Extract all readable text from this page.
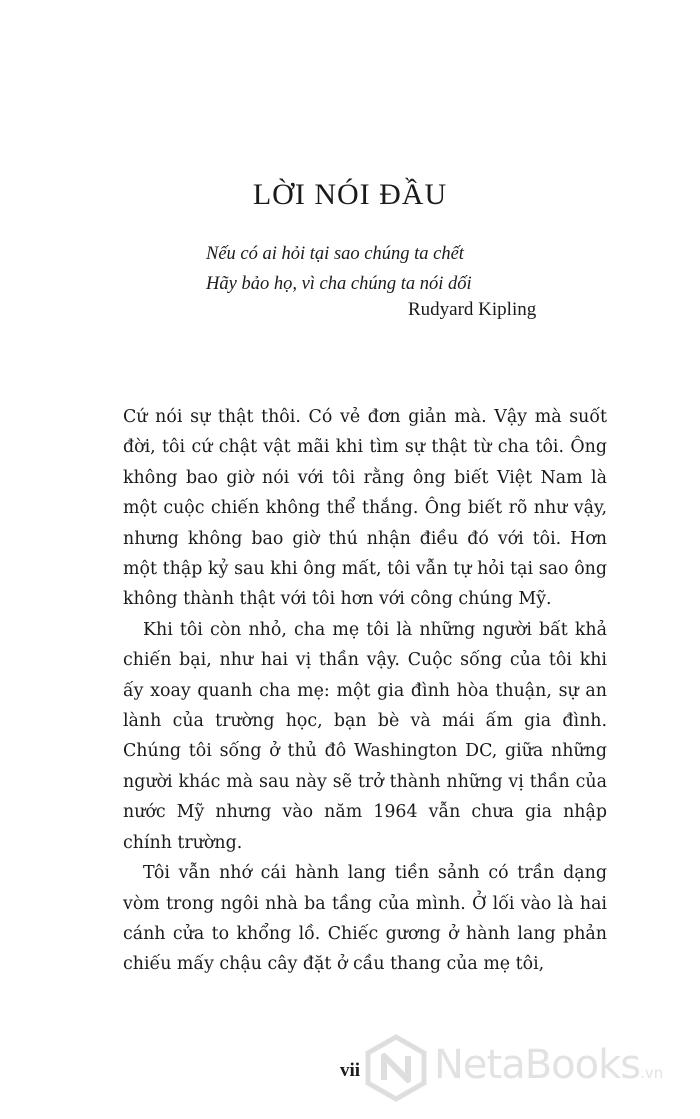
LỜI NÓI ĐẦU
Nếu có ai hỏi tại sao chúng ta chết
Hãy bảo họ, vì cha chúng ta nói dối
Rudyard Kipling

Cứ nói sự thật thôi. Có vẻ đơn giản mà. Vậy mà suốt đời, tôi cứ chật vật mãi khi tìm sự thật từ cha tôi. Ông không bao giờ nói với tôi rằng ông biết Việt Nam là một cuộc chiến không thể thắng. Ông biết rõ như vậy, nhưng không bao giờ thú nhận điều đó với tôi. Hơn một thập kỷ sau khi ông mất, tôi vẫn tự hỏi tại sao ông không thành thật với tôi hơn với công chúng Mỹ.

Khi tôi còn nhỏ, cha mẹ tôi là những người bất khả chiến bại, như hai vị thần vậy. Cuộc sống của tôi khi ấy xoay quanh cha mẹ: một gia đình hòa thuận, sự an lành của trường học, bạn bè và mái ấm gia đình. Chúng tôi sống ở thủ đô Washington DC, giữa những người khác mà sau này sẽ trở thành những vị thần của nước Mỹ nhưng vào năm 1964 vẫn chưa gia nhập chính trường.

Tôi vẫn nhớ cái hành lang tiền sảnh có trần dạng vòm trong ngôi nhà ba tầng của mình. Ở lối vào là hai cánh cửa to khổng lồ. Chiếc gương ở hành lang phản chiếu mấy chậu cây đặt ở cầu thang của mẹ tôi,

vii	NetaBooks.vn
